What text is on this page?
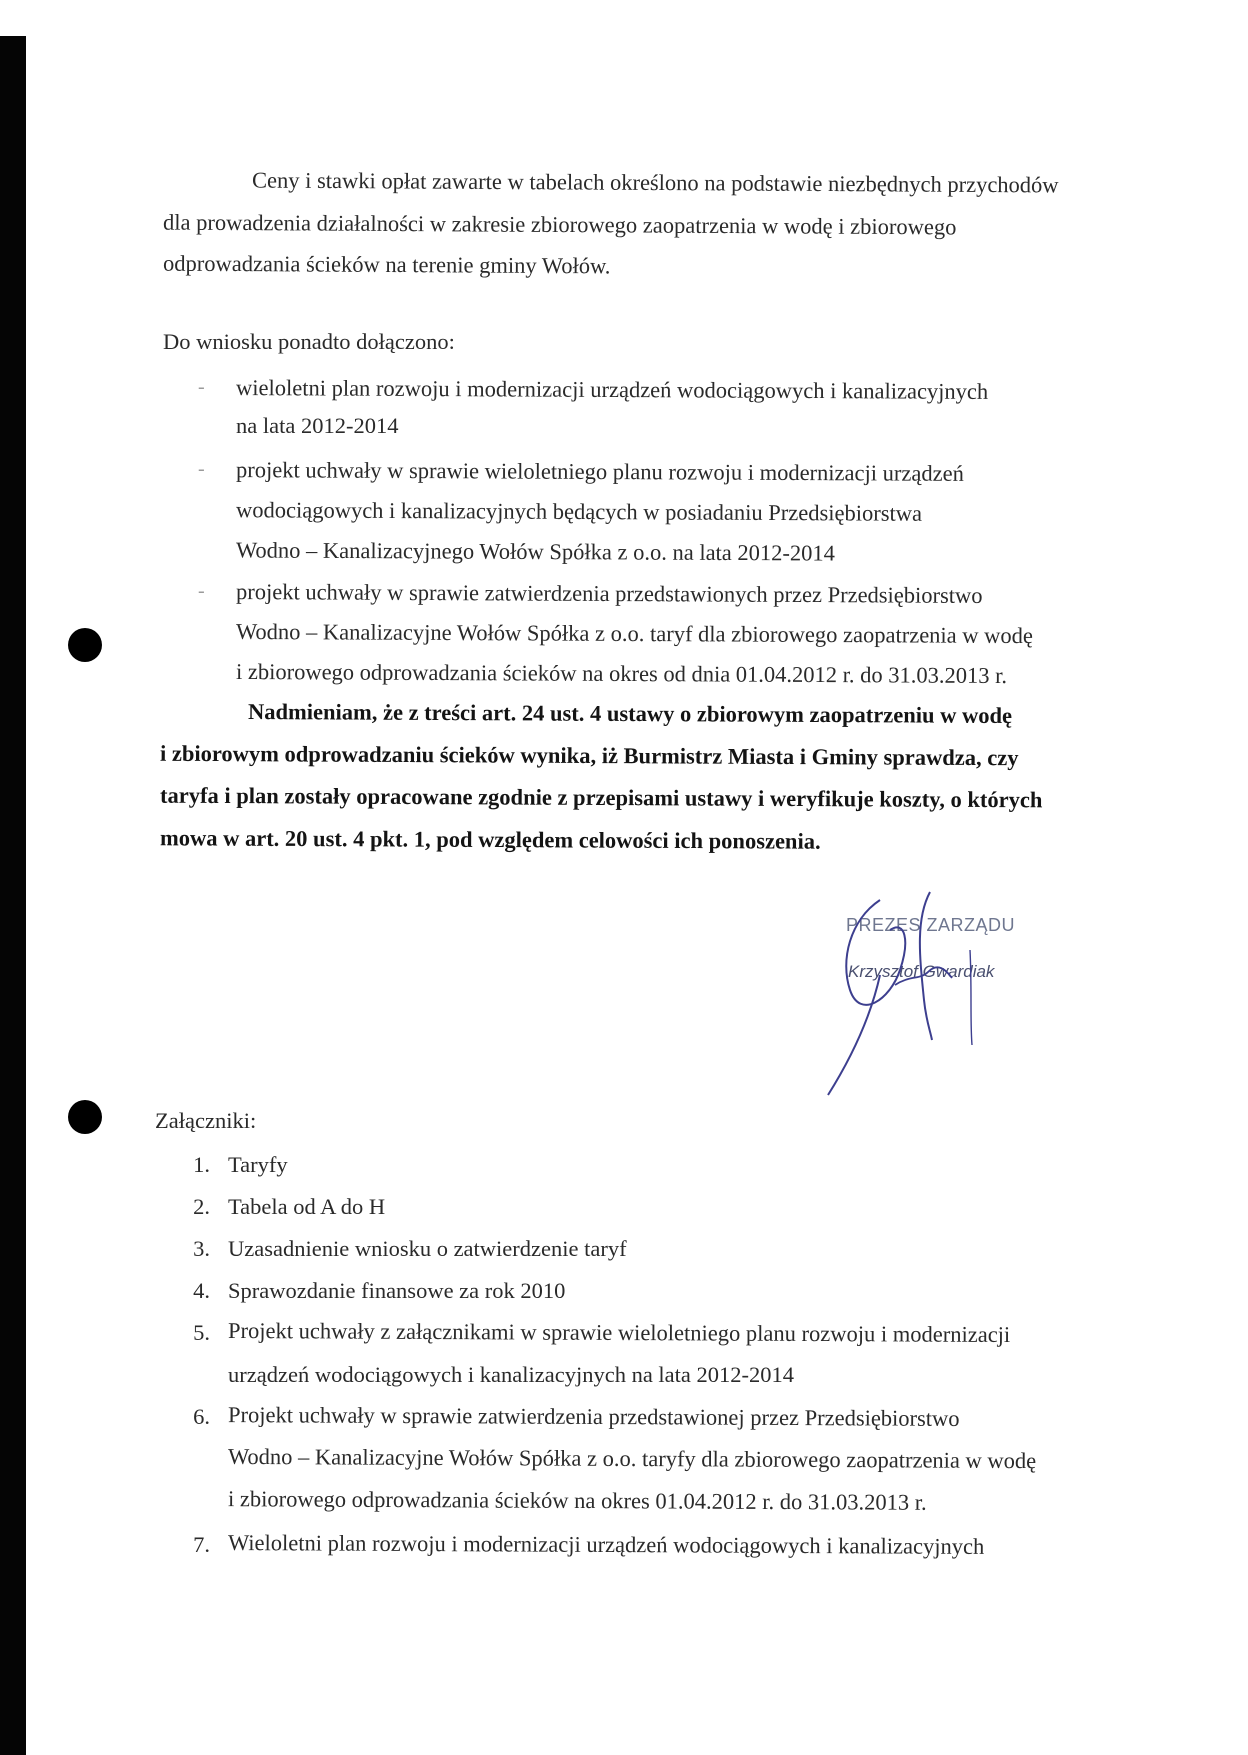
Ceny i stawki opłat zawarte w tabelach określono na podstawie niezbędnych przychodów
dla prowadzenia działalności w zakresie zbiorowego zaopatrzenia w wodę i zbiorowego
odprowadzania ścieków na terenie gminy Wołów.
Do wniosku ponadto dołączono:
- wieloletni plan rozwoju i modernizacji urządzeń wodociągowych i kanalizacyjnych
na lata 2012-2014
- projekt uchwały w sprawie wieloletniego planu rozwoju i modernizacji urządzeń
wodociągowych i kanalizacyjnych będących w posiadaniu Przedsiębiorstwa
Wodno – Kanalizacyjnego Wołów Spółka z o.o. na lata 2012-2014
- projekt uchwały w sprawie zatwierdzenia przedstawionych przez Przedsiębiorstwo
Wodno – Kanalizacyjne Wołów Spółka z o.o. taryf dla zbiorowego zaopatrzenia w wodę
i zbiorowego odprowadzania ścieków na okres od dnia 01.04.2012 r. do 31.03.2013 r.
Nadmieniam, że z treści art. 24 ust. 4 ustawy o zbiorowym zaopatrzeniu w wodę
i zbiorowym odprowadzaniu ścieków wynika, iż Burmistrz Miasta i Gminy sprawdza, czy
taryfa i plan zostały opracowane zgodnie z przepisami ustawy i weryfikuje koszty, o których
mowa w art. 20 ust. 4 pkt. 1, pod względem celowości ich ponoszenia.
PREZES ZARZĄDU
Krzysztof Gwardiak
Załączniki:
1. Taryfy
2. Tabela od A do H
3. Uzasadnienie wniosku o zatwierdzenie taryf
4. Sprawozdanie finansowe za rok 2010
5. Projekt uchwały z załącznikami w sprawie wieloletniego planu rozwoju i modernizacji
urządzeń wodociągowych i kanalizacyjnych na lata 2012-2014
6. Projekt uchwały w sprawie zatwierdzenia przedstawionej przez Przedsiębiorstwo
Wodno – Kanalizacyjne Wołów Spółka z o.o. taryfy dla zbiorowego zaopatrzenia w wodę
i zbiorowego odprowadzania ścieków na okres 01.04.2012 r. do 31.03.2013 r.
7. Wieloletni plan rozwoju i modernizacji urządzeń wodociągowych i kanalizacyjnych
